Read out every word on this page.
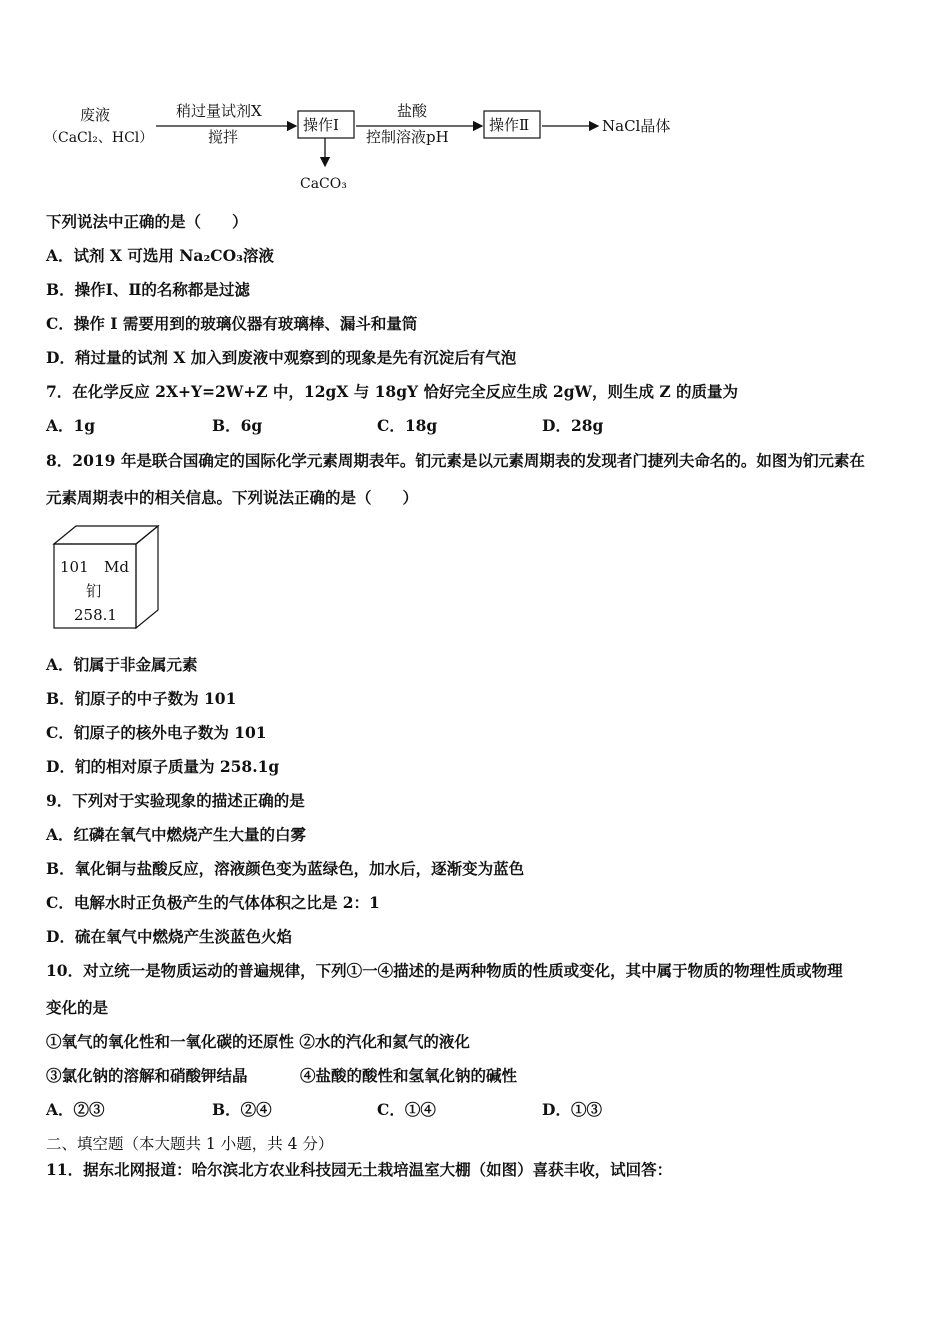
废液
（CaCl₂、HCl）
稍过量试剂X
搅拌
操作Ⅰ
CaCO₃
盐酸
控制溶液pH
操作Ⅱ	NaCl晶体
下列说法中正确的是（　　）
A．试剂 X 可选用 Na₂CO₃溶液
B．操作Ⅰ、Ⅱ的名称都是过滤
C．操作 I 需要用到的玻璃仪器有玻璃棒、漏斗和量筒
D．稍过量的试剂 X 加入到废液中观察到的现象是先有沉淀后有气泡
7．在化学反应 2X+Y=2W+Z 中，12gX 与 18gY 恰好完全反应生成 2gW，则生成 Z 的质量为
A．1g	B．6g	C．18g	D．28g
8．2019 年是联合国确定的国际化学元素周期表年。钔元素是以元素周期表的发现者门捷列夫命名的。如图为钔元素在
元素周期表中的相关信息。下列说法正确的是（　　）
101 Md
钔
258.1
A．钔属于非金属元素
B．钔原子的中子数为 101
C．钔原子的核外电子数为 101
D．钔的相对原子质量为 258.1g
9．下列对于实验现象的描述正确的是
A．红磷在氧气中燃烧产生大量的白雾
B．氧化铜与盐酸反应，溶液颜色变为蓝绿色，加水后，逐渐变为蓝色
C．电解水时正负极产生的气体体积之比是 2：1
D．硫在氧气中燃烧产生淡蓝色火焰
10．对立统一是物质运动的普遍规律，下列①一④描述的是两种物质的性质或变化，其中属于物质的物理性质或物理
变化的是
①氧气的氧化性和一氧化碳的还原性 ②水的汽化和氦气的液化
③氯化钠的溶解和硝酸钾结晶	④盐酸的酸性和氢氧化钠的碱性
A．②③	B．②④	C．①④	D．①③
二、填空题（本大题共 1 小题，共 4 分）
11．据东北网报道：哈尔滨北方农业科技园无土栽培温室大棚（如图）喜获丰收，试回答：
